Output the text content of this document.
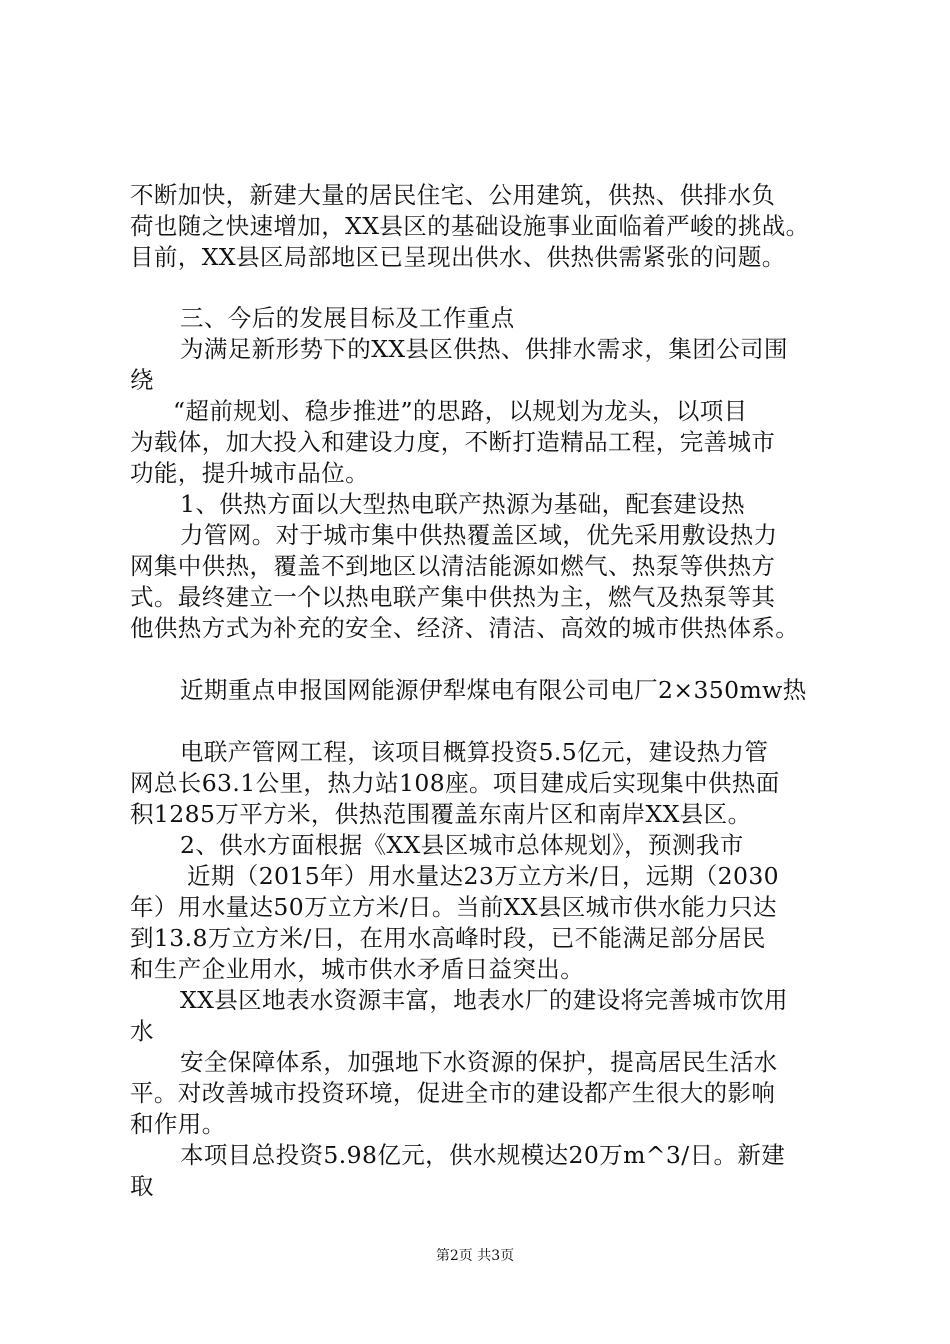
不断加快，新建大量的居民住宅、公用建筑，供热、供排水负
荷也随之快速增加，XX县区的基础设施事业面临着严峻的挑战。
目前，XX县区局部地区已呈现出供水、供热供需紧张的问题。
三、今后的发展目标及工作重点
为满足新形势下的XX县区供热、供排水需求，集团公司围
绕
“超前规划、稳步推进”的思路，以规划为龙头，以项目
为载体，加大投入和建设力度，不断打造精品工程，完善城市
功能，提升城市品位。
1、供热方面以大型热电联产热源为基础，配套建设热
力管网。对于城市集中供热覆盖区域，优先采用敷设热力
网集中供热，覆盖不到地区以清洁能源如燃气、热泵等供热方
式。最终建立一个以热电联产集中供热为主，燃气及热泵等其
他供热方式为补充的安全、经济、清洁、高效的城市供热体系。
近期重点申报国网能源伊犁煤电有限公司电厂2×350mw热
电联产管网工程，该项目概算投资5.5亿元，建设热力管
网总长63.1公里，热力站108座。项目建成后实现集中供热面
积1285万平方米，供热范围覆盖东南片区和南岸XX县区。
2、供水方面根据《XX县区城市总体规划》，预测我市
近期（2015年）用水量达23万立方米/日，远期（2030
年）用水量达50万立方米/日。当前XX县区城市供水能力只达
到13.8万立方米/日，在用水高峰时段，已不能满足部分居民
和生产企业用水，城市供水矛盾日益突出。
XX县区地表水资源丰富，地表水厂的建设将完善城市饮用
水
安全保障体系，加强地下水资源的保护，提高居民生活水
平。对改善城市投资环境，促进全市的建设都产生很大的影响
和作用。
本项目总投资5.98亿元，供水规模达20万m^3/日。新建
取
第2页 共3页
